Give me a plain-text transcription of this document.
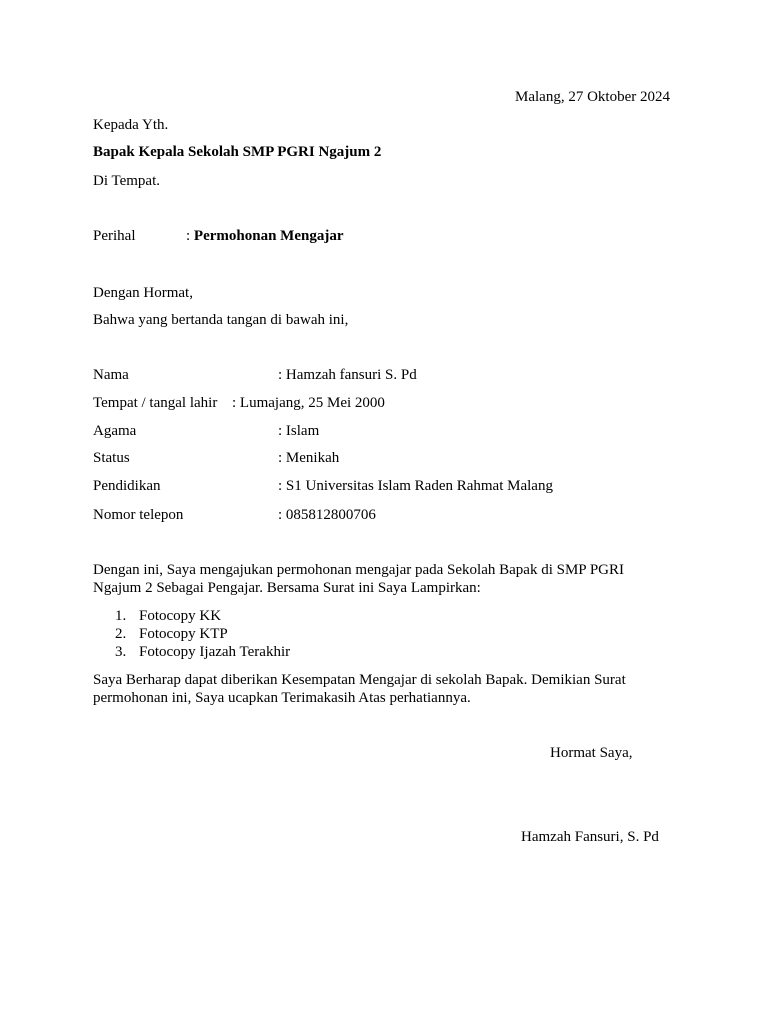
Malang, 27 Oktober 2024
Kepada Yth.
Bapak Kepala Sekolah SMP PGRI Ngajum 2
Di Tempat.
Perihal	: Permohonan Mengajar
Dengan Hormat,
Bahwa yang bertanda tangan di bawah ini,
Nama	: Hamzah fansuri S. Pd
Tempat / tangal lahir : Lumajang, 25 Mei 2000
Agama	: Islam
Status	: Menikah
Pendidikan	: S1 Universitas Islam Raden Rahmat Malang
Nomor telepon	: 085812800706
Dengan ini, Saya mengajukan permohonan mengajar pada Sekolah Bapak di SMP PGRI
Ngajum 2 Sebagai Pengajar. Bersama Surat ini Saya Lampirkan:
1. Fotocopy KK
2. Fotocopy KTP
3. Fotocopy Ijazah Terakhir
Saya Berharap dapat diberikan Kesempatan Mengajar di sekolah Bapak. Demikian Surat
permohonan ini, Saya ucapkan Terimakasih Atas perhatiannya.
Hormat Saya,
Hamzah Fansuri, S. Pd
